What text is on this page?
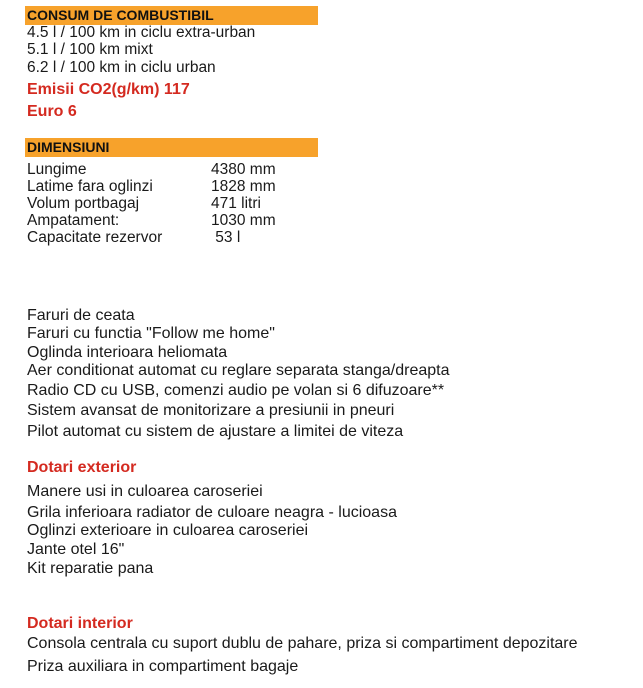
CONSUM DE COMBUSTIBIL
4.5 l / 100 km in ciclu extra-urban
5.1 l / 100 km mixt
6.2 l / 100 km in ciclu urban
Emisii CO2(g/km) 117
Euro 6
DIMENSIUNI
Lungime	4380 mm
Latime fara oglinzi	1828 mm
Volum portbagaj	471 litri
Ampatament:	1030 mm
Capacitate rezervor	53 l
Faruri de ceata
Faruri cu functia "Follow me home"
Oglinda interioara heliomata
Aer conditionat automat cu reglare separata stanga/dreapta
Radio CD cu USB, comenzi audio pe volan si 6 difuzoare**
Sistem avansat de monitorizare a presiunii in pneuri
Pilot automat cu sistem de ajustare a limitei de viteza
Dotari exterior
Manere usi in culoarea caroseriei
Grila inferioara radiator de culoare neagra - lucioasa
Oglinzi exterioare in culoarea caroseriei
Jante otel 16"
Kit reparatie pana
Dotari interior
Consola centrala cu suport dublu de pahare, priza si compartiment depozitare
Priza auxiliara in compartiment bagaje
